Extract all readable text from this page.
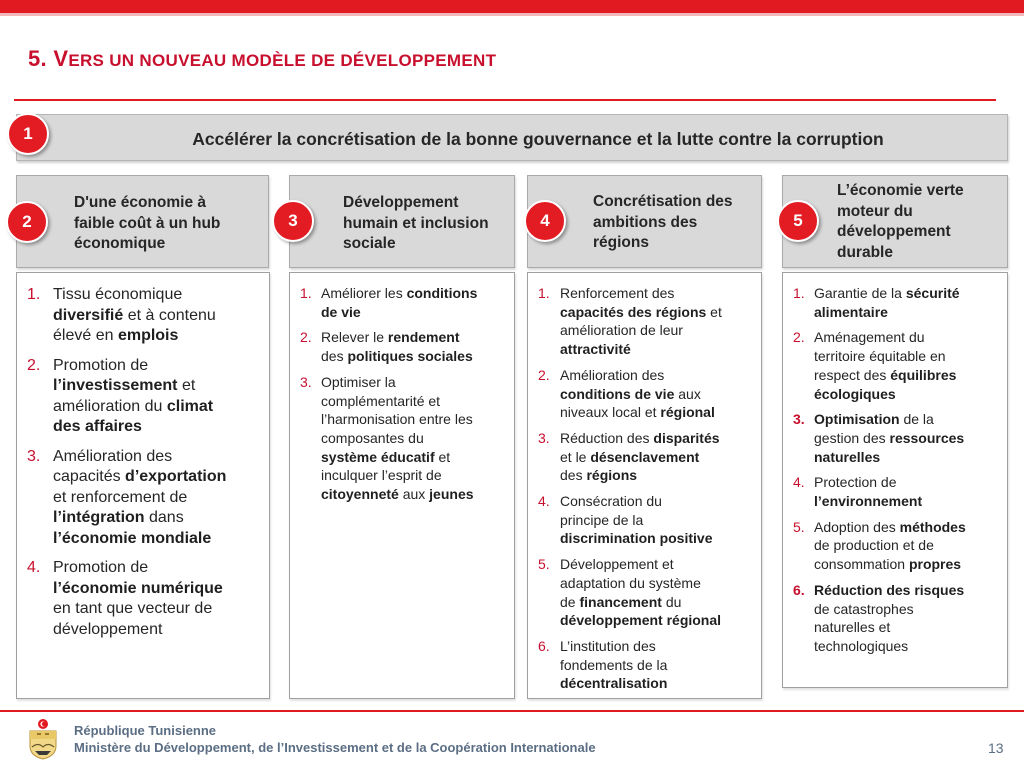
5. VERS UN NOUVEAU MODÈLE DE DÉVELOPPEMENT
Accélérer la concrétisation de la bonne gouvernance et la lutte contre la corruption
1
D'une économie à
faible coût à un hub
économique
2
Développement
humain et inclusion
sociale
3
Concrétisation des
ambitions des
régions
4
L’économie verte
moteur du
développement
durable
5
1. Tissu économique
diversifié et à contenu
élevé en emplois
2. Promotion de
l’investissement et
amélioration du climat
des affaires
3. Amélioration des
capacités d’exportation
et renforcement de
l’intégration dans
l’économie mondiale
4. Promotion de
l’économie numérique
en tant que vecteur de
développement
1. Améliorer les conditions
de vie
2. Relever le rendement
des politiques sociales
3. Optimiser la
complémentarité et
l’harmonisation entre les
composantes du
système éducatif et
inculquer l’esprit de
citoyenneté aux jeunes
1. Renforcement des
capacités des régions et
amélioration de leur
attractivité
2. Amélioration des
conditions de vie aux
niveaux local et régional
3. Réduction des disparités
et le désenclavement
des régions
4. Consécration du
principe de la
discrimination positive
5. Développement et
adaptation du système
de financement du
développement régional
6. L’institution des
fondements de la
décentralisation
1. Garantie de la sécurité
alimentaire
2. Aménagement du
territoire équitable en
respect des équilibres
écologiques
3. Optimisation de la
gestion des ressources
naturelles
4. Protection de
l’environnement
5. Adoption des méthodes
de production et de
consommation propres
6. Réduction des risques
de catastrophes
naturelles et
technologiques
République Tunisienne
Ministère du Développement, de l’Investissement et de la Coopération Internationale	13
